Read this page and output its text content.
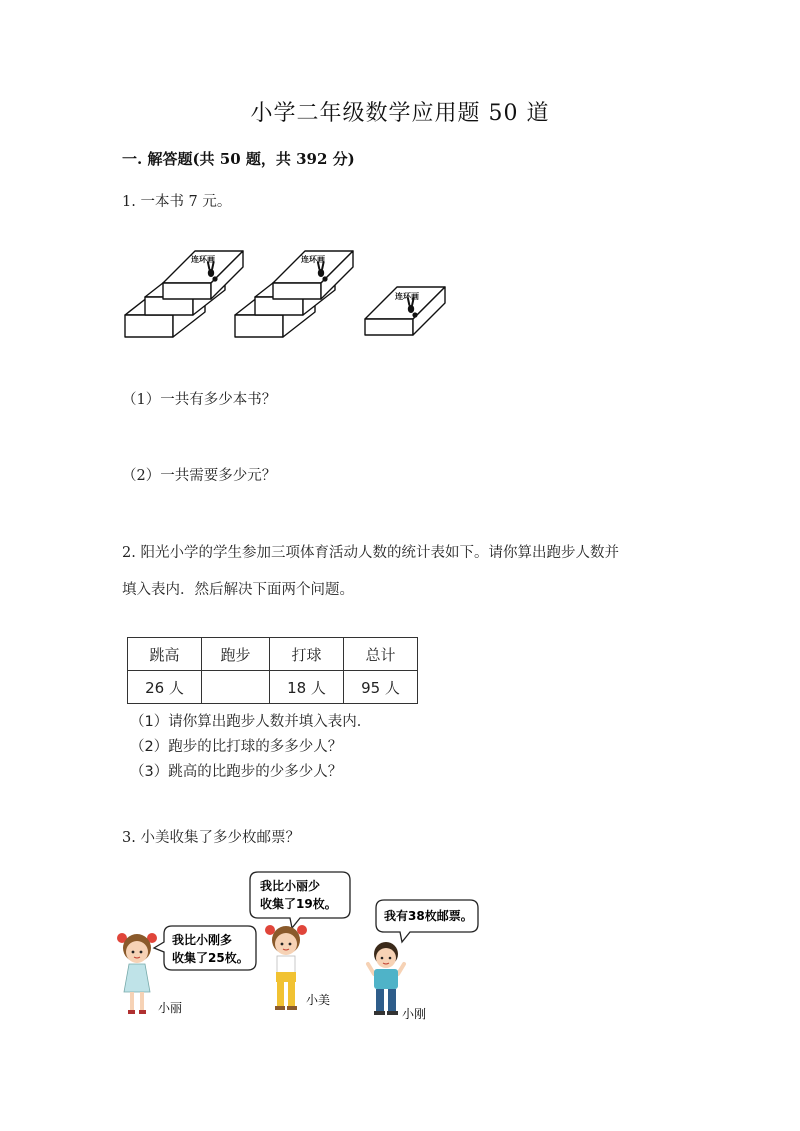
小学二年级数学应用题 50 道
一. 解答题(共 50 题，共 392 分)
1. 一本书 7 元。
连环画	连环画
连环画
（1）一共有多少本书？
（2）一共需要多少元？
2. 阳光小学的学生参加三项体育活动人数的统计表如下。请你算出跑步人数并
填入表内．然后解决下面两个问题。
跳高	跑步	打球	总计
26 人		18 人	95 人
（1）请你算出跑步人数并填入表内．
（2）跑步的比打球的多多少人？
（3）跳高的比跑步的少多少人？
3. 小美收集了多少枚邮票？
我比小丽少
收集了19枚。
我比小刚多
收集了25枚。
我有38枚邮票。
小丽
小美
小刚
